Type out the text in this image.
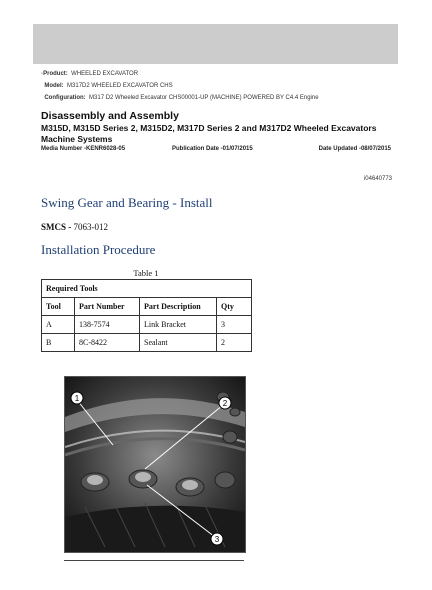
◦Product: WHEELED EXCAVATOR
Model: M317D2 WHEELED EXCAVATOR CHS
Configuration: M317 D2 Wheeled Excavator CHS00001-UP (MACHINE) POWERED BY C4.4 Engine
Disassembly and Assembly
M315D, M315D Series 2, M315D2, M317D Series 2 and M317D2 Wheeled Excavators
Machine Systems
Media Number -KENR6028-05	Publication Date -01/07/2015	Date Updated -08/07/2015
i04640773
Swing Gear and Bearing - Install
SMCS - 7063-012
Installation Procedure
Table 1
Required Tools			
Tool	Part Number	Part Description	Qty
A	138-7574	Link Bracket	3
B	8C-8422	Sealant	2
1
2
3
